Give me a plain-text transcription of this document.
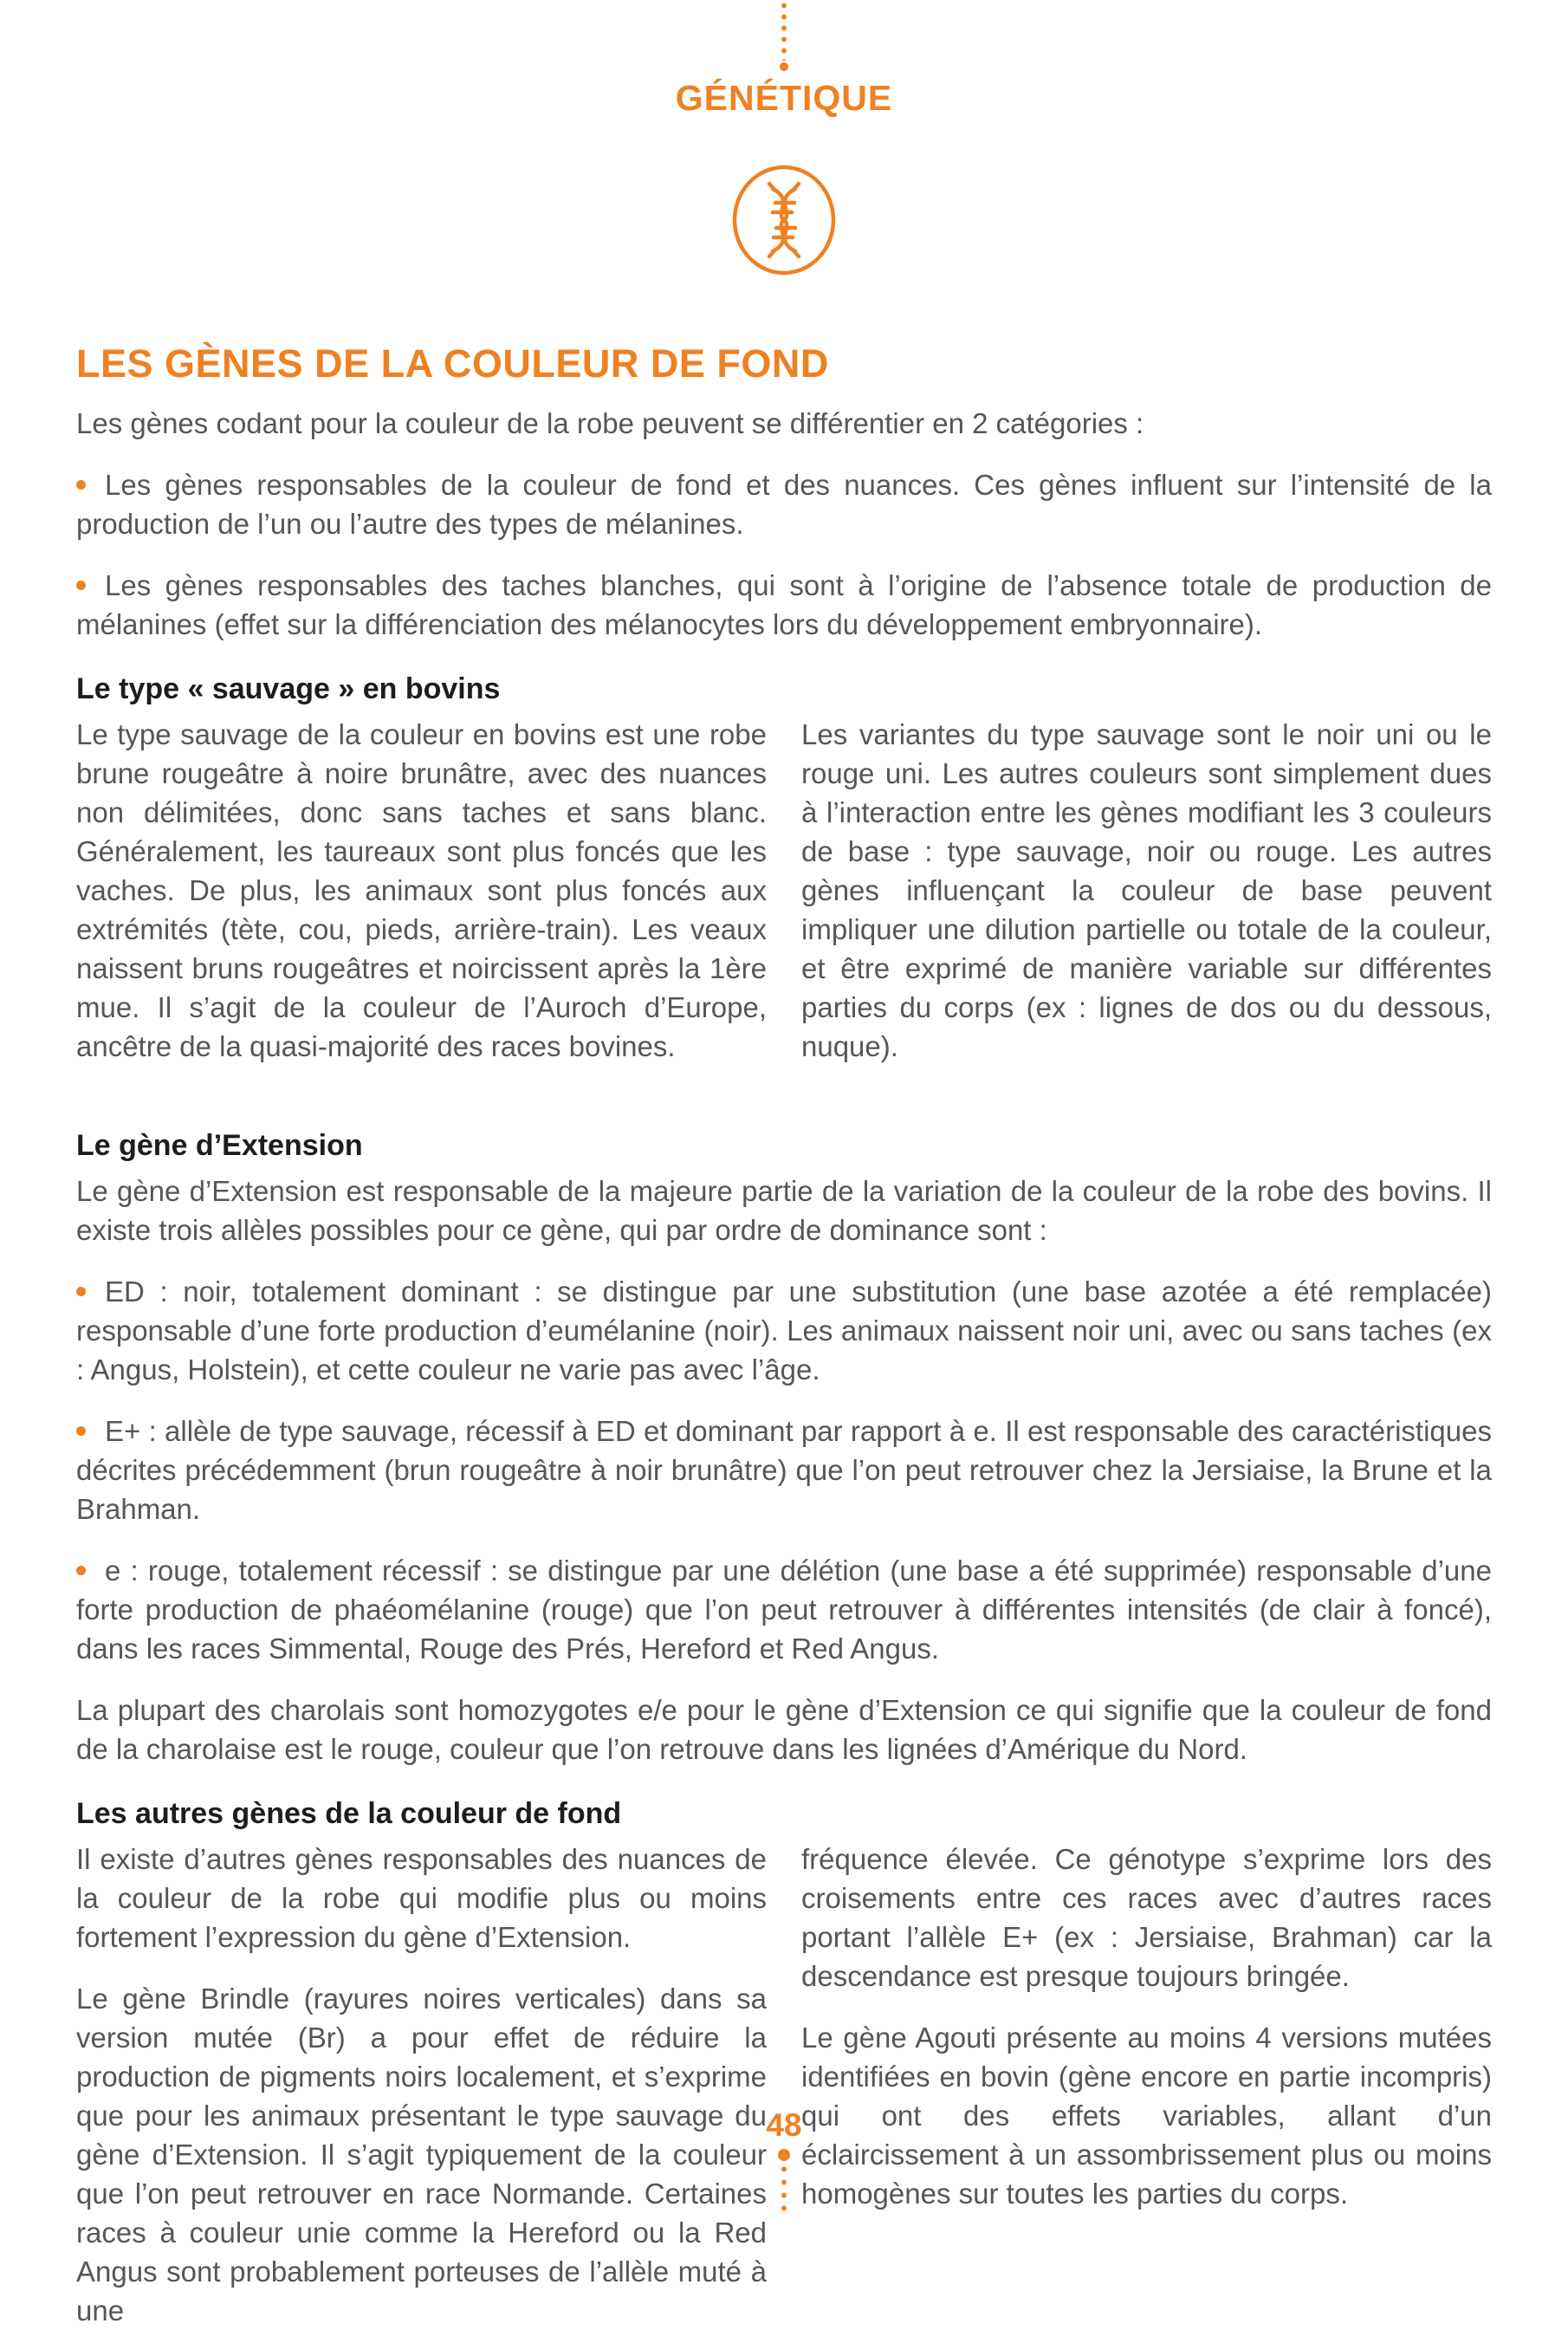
GÉNÉTIQUE
LES GÈNES DE LA COULEUR DE FOND

Les gènes codant pour la couleur de la robe peuvent se différentier en 2 catégories :

Les gènes responsables de la couleur de fond et des nuances. Ces gènes influent sur l’intensité de la production de l’un ou l’autre des types de mélanines.

Les gènes responsables des taches blanches, qui sont à l’origine de l’absence totale de production de mélanines (effet sur la différenciation des mélanocytes lors du développement embryonnaire).

Le type « sauvage » en bovins

Le type sauvage de la couleur en bovins est une robe brune rougeâtre à noire brunâtre, avec des nuances non délimitées, donc sans taches et sans blanc. Généralement, les taureaux sont plus foncés que les vaches. De plus, les animaux sont plus foncés aux extrémités (tète, cou, pieds, arrière-train). Les veaux naissent bruns rougeâtres et noircissent après la 1ère mue. Il s’agit de la couleur de l’Auroch d’Europe, ancêtre de la quasi-majorité des races bovines.

Les variantes du type sauvage sont le noir uni ou le rouge uni. Les autres couleurs sont simplement dues à l’interaction entre les gènes modifiant les 3 couleurs de base : type sauvage, noir ou rouge. Les autres gènes influençant la couleur de base peuvent impliquer une dilution partielle ou totale de la couleur, et être exprimé de manière variable sur différentes parties du corps (ex : lignes de dos ou du dessous, nuque).

Le gène d’Extension

Le gène d’Extension est responsable de la majeure partie de la variation de la couleur de la robe des bovins. Il existe trois allèles possibles pour ce gène, qui par ordre de dominance sont :

ED : noir, totalement dominant : se distingue par une substitution (une base azotée a été remplacée) responsable d’une forte production d’eumélanine (noir). Les animaux naissent noir uni, avec ou sans taches (ex : Angus, Holstein), et cette couleur ne varie pas avec l’âge.

E+ : allèle de type sauvage, récessif à ED et dominant par rapport à e. Il est responsable des caractéristiques décrites précédemment (brun rougeâtre à noir brunâtre) que l’on peut retrouver chez la Jersiaise, la Brune et la Brahman.

e : rouge, totalement récessif : se distingue par une délétion (une base a été supprimée) responsable d’une forte production de phaéomélanine (rouge) que l’on peut retrouver à différentes intensités (de clair à foncé), dans les races Simmental, Rouge des Prés, Hereford et Red Angus.

La plupart des charolais sont homozygotes e/e pour le gène d’Extension ce qui signifie que la couleur de fond de la charolaise est le rouge, couleur que l’on retrouve dans les lignées d’Amérique du Nord.

Les autres gènes de la couleur de fond

Il existe d’autres gènes responsables des nuances de la couleur de la robe qui modifie plus ou moins fortement l’expression du gène d’Extension.

Le gène Brindle (rayures noires verticales) dans sa version mutée (Br) a pour effet de réduire la production de pigments noirs localement, et s’exprime que pour les animaux présentant le type sauvage du gène d’Extension. Il s’agit typiquement de la couleur que l’on peut retrouver en race Normande. Certaines races à couleur unie comme la Hereford ou la Red Angus sont probablement porteuses de l’allèle muté à une

fréquence élevée. Ce génotype s’exprime lors des croisements entre ces races avec d’autres races portant l’allèle E+ (ex : Jersiaise, Brahman) car la descendance est presque toujours bringée.

Le gène Agouti présente au moins 4 versions mutées identifiées en bovin (gène encore en partie incompris) qui ont des effets variables, allant d’un éclaircissement à un assombrissement plus ou moins homogènes sur toutes les parties du corps.

48
